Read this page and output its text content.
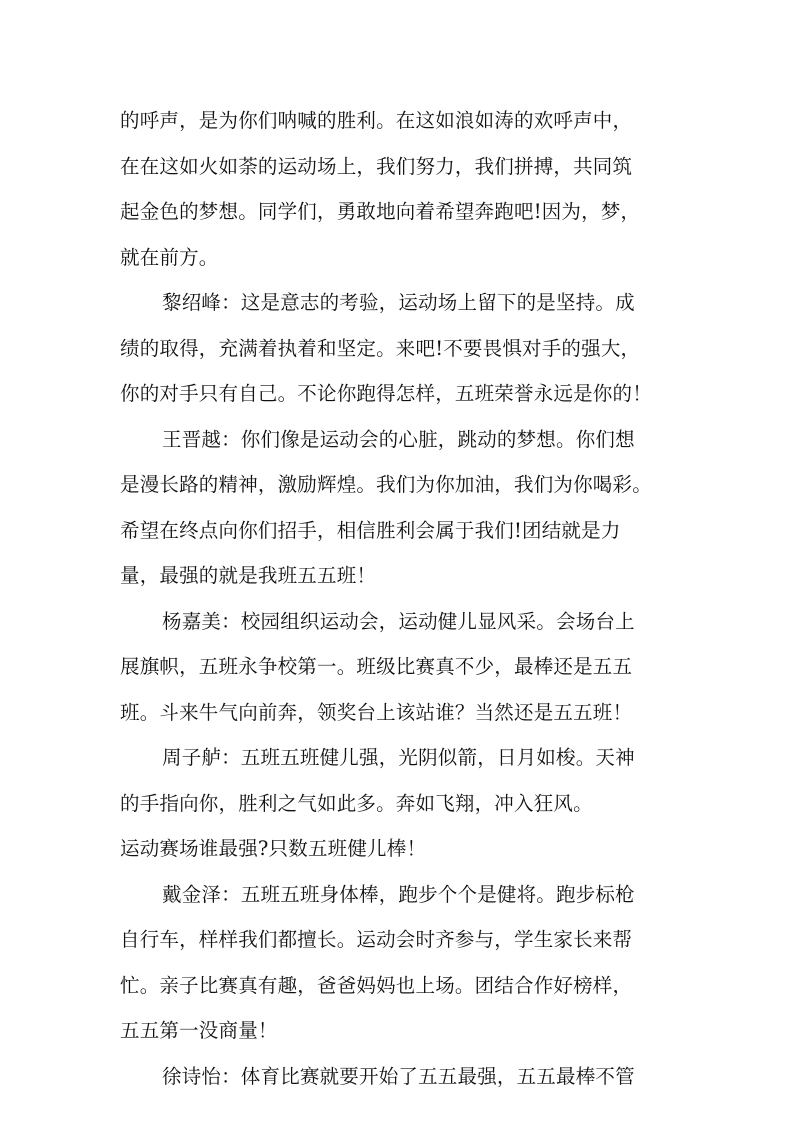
的呼声，是为你们呐喊的胜利。在这如浪如涛的欢呼声中，
在在这如火如荼的运动场上，我们努力，我们拼搏，共同筑
起金色的梦想。同学们，勇敢地向着希望奔跑吧!因为，梦，
就在前方。
黎绍峰：这是意志的考验，运动场上留下的是坚持。成
绩的取得，充满着执着和坚定。来吧!不要畏惧对手的强大，
你的对手只有自己。不论你跑得怎样，五班荣誉永远是你的！
王晋越：你们像是运动会的心脏，跳动的梦想。你们想
是漫长路的精神，激励辉煌。我们为你加油，我们为你喝彩。
希望在终点向你们招手，相信胜利会属于我们!团结就是力
量，最强的就是我班五五班！
杨嘉美：校园组织运动会，运动健儿显风采。会场台上
展旗帜，五班永争校第一。班级比赛真不少，最棒还是五五
班。斗来牛气向前奔，领奖台上该站谁？当然还是五五班！
周子舻：五班五班健儿强，光阴似箭，日月如梭。天神
的手指向你，胜利之气如此多。奔如飞翔，冲入狂风。
运动赛场谁最强?只数五班健儿棒！
戴金泽：五班五班身体棒，跑步个个是健将。跑步标枪
自行车，样样我们都擅长。运动会时齐参与，学生家长来帮
忙。亲子比赛真有趣，爸爸妈妈也上场。团结合作好榜样，
五五第一没商量！
徐诗怡：体育比赛就要开始了五五最强，五五最棒不管
